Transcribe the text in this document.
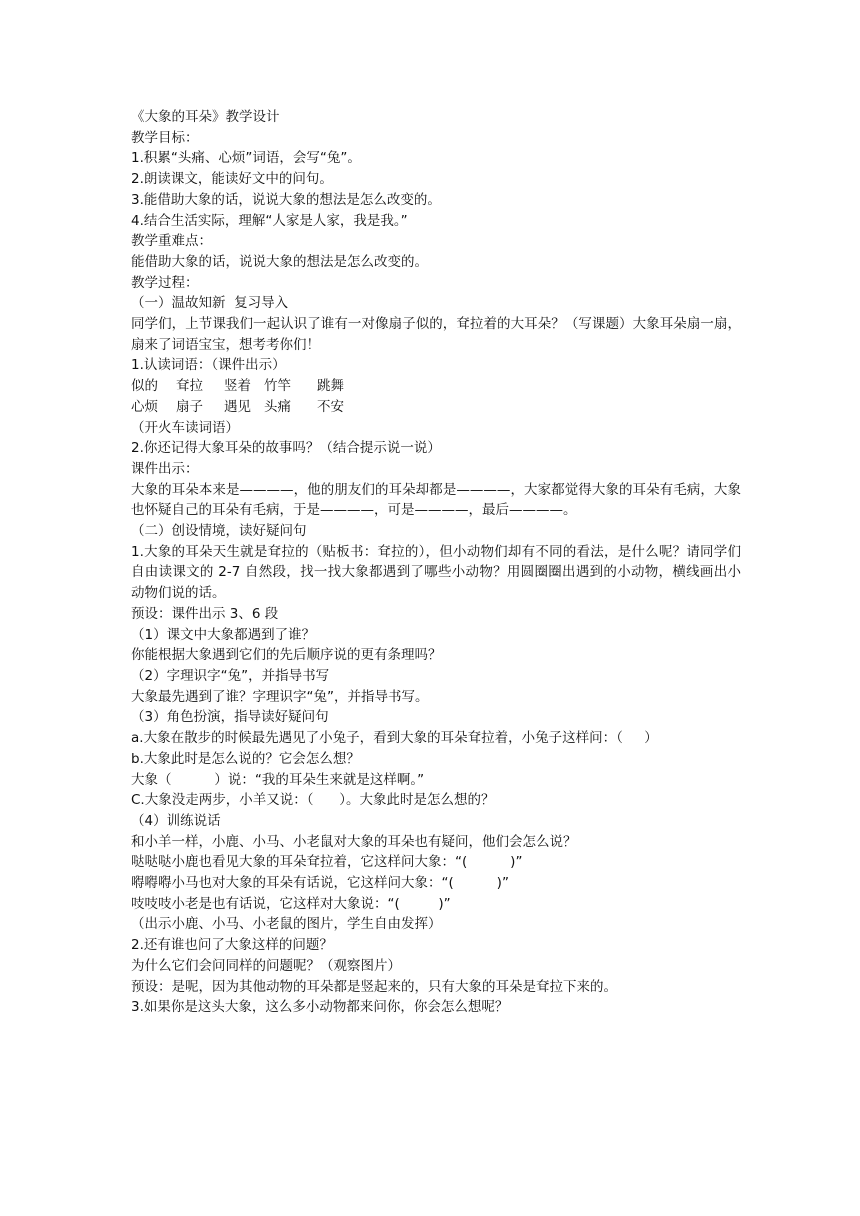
《大象的耳朵》教学设计
教学目标：
1.积累“头痛、心烦”词语，会写“兔”。
2.朗读课文，能读好文中的问句。
3.能借助大象的话，说说大象的想法是怎么改变的。
4.结合生活实际，理解“人家是人家，我是我。”
教学重难点：
能借助大象的话，说说大象的想法是怎么改变的。
教学过程：
（一）温故知新  复习导入
同学们，上节课我们一起认识了谁有一对像扇子似的，耷拉着的大耳朵？（写课题）大象耳朵扇一扇，扇来了词语宝宝，想考考你们！
1.认读词语：（课件出示）
似的	耷拉	竖着 竹竿	跳舞
心烦	扇子	遇见 头痛	不安
（开火车读词语）
2.你还记得大象耳朵的故事吗？（结合提示说一说）
课件出示：
大象的耳朵本来是————，他的朋友们的耳朵却都是————，大家都觉得大象的耳朵有毛病，大象也怀疑自己的耳朵有毛病，于是————，可是————，最后————。
（二）创设情境，读好疑问句
1.大象的耳朵天生就是耷拉的（贴板书：耷拉的），但小动物们却有不同的看法，是什么呢？请同学们自由读课文的 2-7 自然段，找一找大象都遇到了哪些小动物？用圆圈圈出遇到的小动物，横线画出小动物们说的话。
预设：课件出示 3、6 段
（1）课文中大象都遇到了谁？
你能根据大象遇到它们的先后顺序说的更有条理吗？
（2）字理识字“兔”，并指导书写
大象最先遇到了谁？字理识字“兔”，并指导书写。
（3）角色扮演，指导读好疑问句
a.大象在散步的时候最先遇见了小兔子，看到大象的耳朵耷拉着，小兔子这样问：（     ）
b.大象此时是怎么说的？它会怎么想？
大象（          ）说：“我的耳朵生来就是这样啊。”
C.大象没走两步，小羊又说：（      ）。大象此时是怎么想的？
（4）训练说话
和小羊一样，小鹿、小马、小老鼠对大象的耳朵也有疑问，他们会怎么说？
哒哒哒小鹿也看见大象的耳朵耷拉着，它这样问大象：“(          )”
嘚嘚嘚小马也对大象的耳朵有话说，它这样问大象：“(          )”
吱吱吱小老是也有话说，它这样对大象说：“(         )”
（出示小鹿、小马、小老鼠的图片，学生自由发挥）
2.还有谁也问了大象这样的问题？
为什么它们会问同样的问题呢？（观察图片）
预设：是呢，因为其他动物的耳朵都是竖起来的，只有大象的耳朵是耷拉下来的。
3.如果你是这头大象，这么多小动物都来问你，你会怎么想呢？
